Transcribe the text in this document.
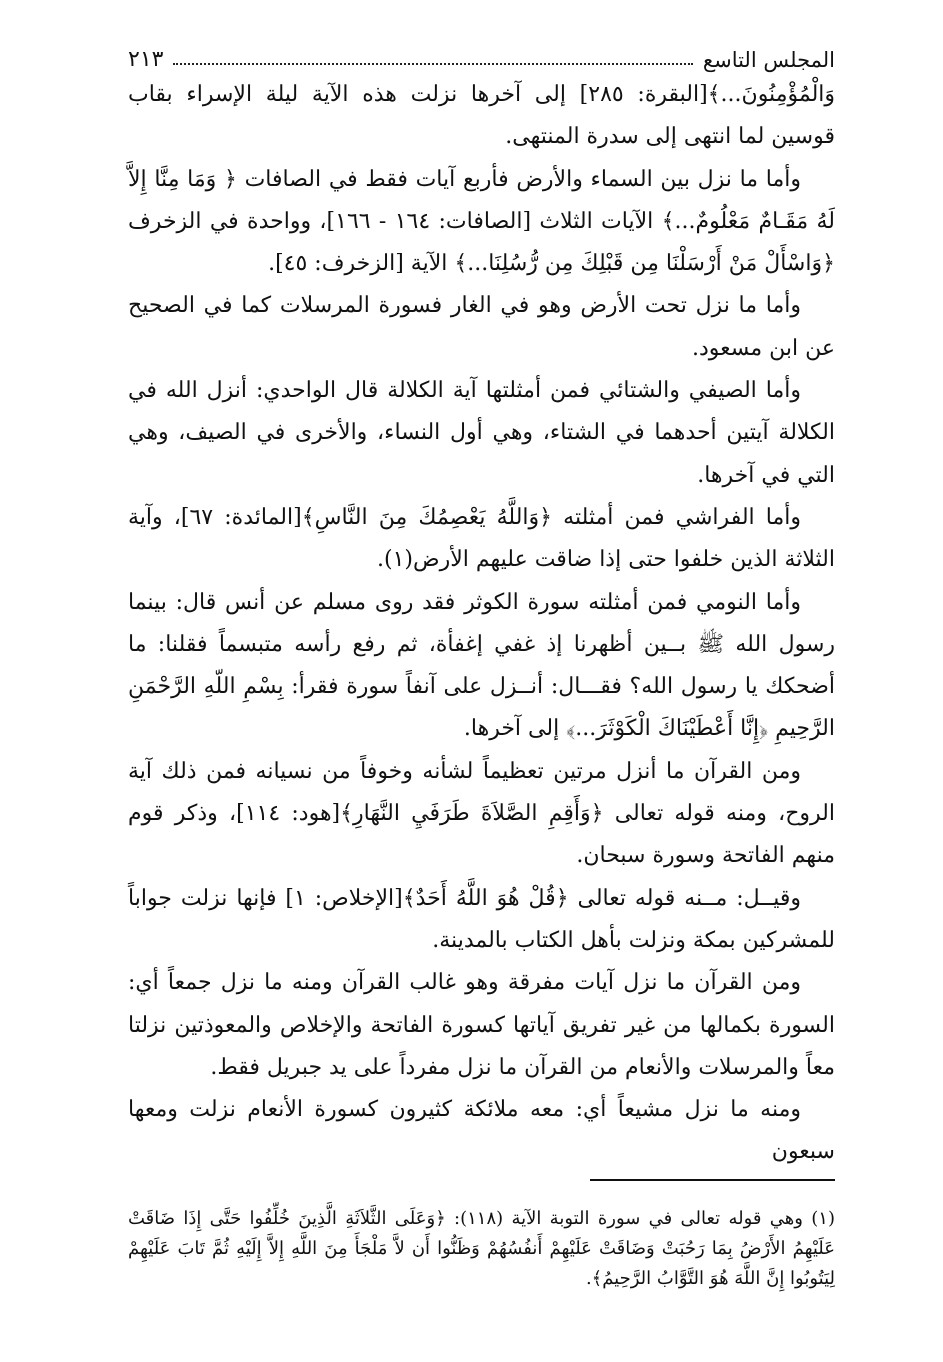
المجلس التاسع
٢١٣

وَالْمُؤْمِنُونَ...﴾[البقرة: ٢٨٥] إلى آخرها نزلت هذه الآية ليلة الإسراء بقاب قوسين لما انتهى إلى سدرة المنتهى.

وأما ما نزل بين السماء والأرض فأربع آيات فقط في الصافات ﴿ وَمَا مِنَّا إِلاَّ لَهُ مَقَـامٌ مَعْلُومٌ...﴾ الآيات الثلاث [الصافات: ١٦٤ - ١٦٦]، وواحدة في الزخرف ﴿وَاسْأَلْ مَنْ أَرْسَلْنَا مِن قَبْلِكَ مِن رُّسُلِنَا...﴾ الآية [الزخرف: ٤٥].

وأما ما نزل تحت الأرض وهو في الغار فسورة المرسلات كما في الصحيح عن ابن مسعود.

وأما الصيفي والشتائي فمن أمثلتها آية الكلالة قال الواحدي: أنزل الله في الكلالة آيتين أحدهما في الشتاء، وهي أول النساء، والأخرى في الصيف، وهي التي في آخرها.

وأما الفراشي فمن أمثلته ﴿وَاللَّهُ يَعْصِمُكَ مِنَ النَّاسِ﴾[المائدة: ٦٧]، وآية الثلاثة الذين خلفوا حتى إذا ضاقت عليهم الأرض(١).

وأما النومي فمن أمثلته سورة الكوثر فقد روى مسلم عن أنس قال: بينما رسول الله ﷺ بــين أظهرنا إذ غفي إغفأة، ثم رفع رأسه متبسماً فقلنا: ما أضحكك يا رسول الله؟ فقـــال: أنــزل على آنفاً سورة فقرأ: بِسْمِ اللّهِ الرَّحْمَنِ الرَّحِيمِ ﴿إِنَّا أَعْطَيْنَاكَ الْكَوْثَرَ...﴾ إلى آخرها.

ومن القرآن ما أنزل مرتين تعظيماً لشأنه وخوفاً من نسيانه فمن ذلك آية الروح، ومنه قوله تعالى ﴿وَأَقِمِ الصَّلاَةَ طَرَفَيِ النَّهَارِ﴾[هود: ١١٤]، وذكر قوم منهم الفاتحة وسورة سبحان.

وقيــل: مــنه قوله تعالى ﴿قُلْ هُوَ اللَّهُ أَحَدٌ﴾[الإخلاص: ١] فإنها نزلت جواباً للمشركين بمكة ونزلت بأهل الكتاب بالمدينة.

ومن القرآن ما نزل آيات مفرقة وهو غالب القرآن ومنه ما نزل جمعاً أي: السورة بكمالها من غير تفريق آياتها كسورة الفاتحة والإخلاص والمعوذتين نزلتا معاً والمرسلات والأنعام من القرآن ما نزل مفرداً على يد جبريل فقط.

ومنه ما نزل مشيعاً أي: معه ملائكة كثيرون كسورة الأنعام نزلت ومعها سبعون

(١) وهي قوله تعالى في سورة التوبة الآية (١١٨): ﴿وَعَلَى الثَّلاَثَةِ الَّذِينَ خُلِّفُوا حَتَّى إِذَا ضَاقَتْ عَلَيْهِمُ الأَرْضُ بِمَا رَحُبَتْ وَضَاقَتْ عَلَيْهِمْ أَنفُسُهُمْ وَظَنُّوا أَن لاَّ مَلْجَأَ مِنَ اللَّهِ إِلاَّ إِلَيْهِ ثُمَّ تَابَ عَلَيْهِمْ لِيَتُوبُوا إِنَّ اللَّهَ هُوَ التَّوَّابُ الرَّحِيمُ﴾.
